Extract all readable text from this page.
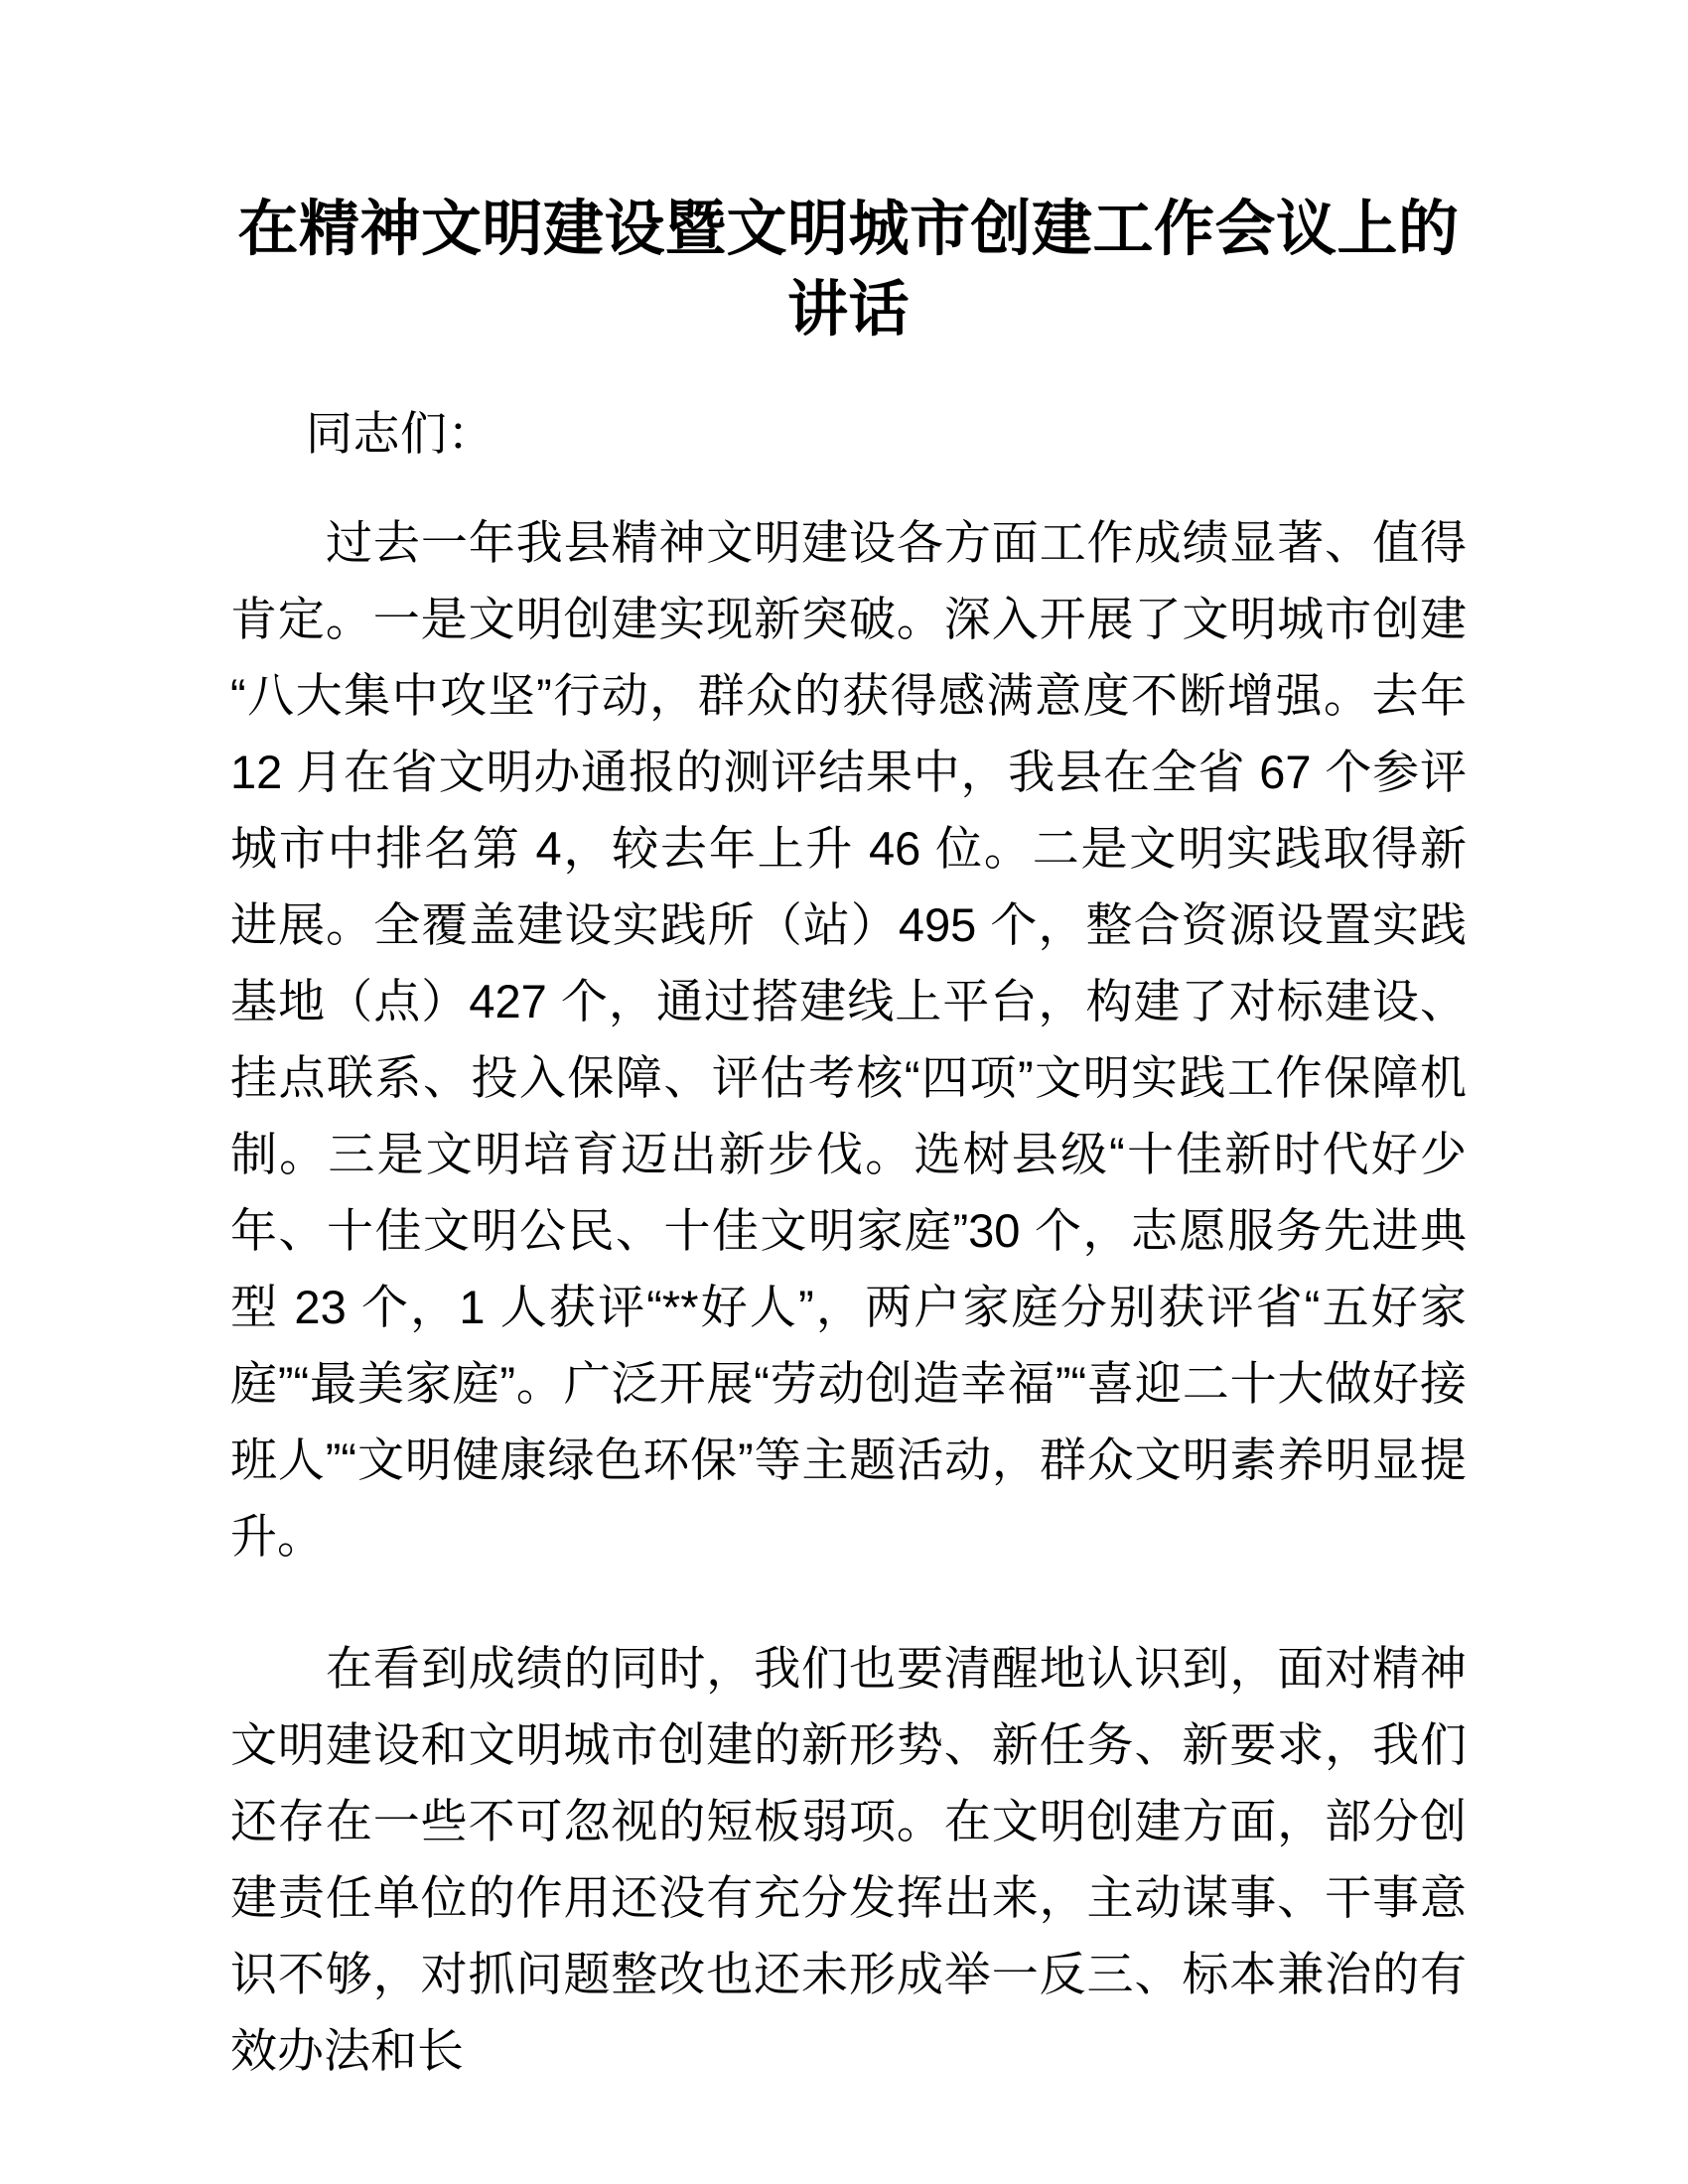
在精神文明建设暨文明城市创建工作会议上的讲话

同志们：

过去一年我县精神文明建设各方面工作成绩显著、值得肯定。一是文明创建实现新突破。深入开展了文明城市创建“八大集中攻坚”行动，群众的获得感满意度不断增强。去年 12 月在省文明办通报的测评结果中，我县在全省 67 个参评城市中排名第 4，较去年上升 46 位。二是文明实践取得新进展。全覆盖建设实践所（站）495 个，整合资源设置实践基地（点）427 个，通过搭建线上平台，构建了对标建设、挂点联系、投入保障、评估考核“四项”文明实践工作保障机制。三是文明培育迈出新步伐。选树县级“十佳新时代好少年、十佳文明公民、十佳文明家庭”30 个，志愿服务先进典型 23 个，1 人获评“**好人”，两户家庭分别获评省“五好家庭”“最美家庭”。广泛开展“劳动创造幸福”“喜迎二十大做好接班人”“文明健康绿色环保”等主题活动，群众文明素养明显提升。

在看到成绩的同时，我们也要清醒地认识到，面对精神文明建设和文明城市创建的新形势、新任务、新要求，我们还存在一些不可忽视的短板弱项。在文明创建方面，部分创建责任单位的作用还没有充分发挥出来，主动谋事、干事意识不够，对抓问题整改也还未形成举一反三、标本兼治的有效办法和长
